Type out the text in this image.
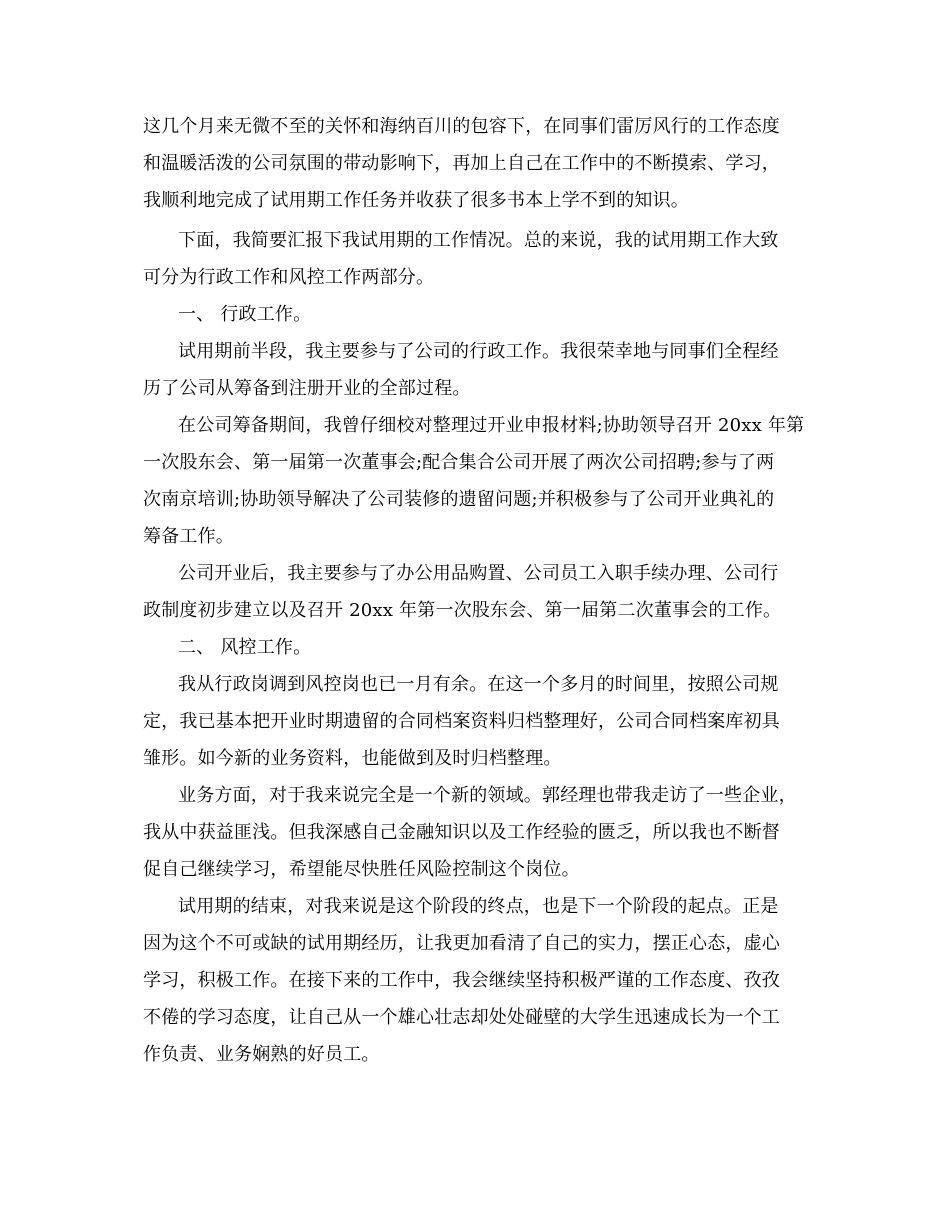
这几个月来无微不至的关怀和海纳百川的包容下，在同事们雷厉风行的工作态度
和温暖活泼的公司氛围的带动影响下，再加上自己在工作中的不断摸索、学习，
我顺利地完成了试用期工作任务并收获了很多书本上学不到的知识。
下面，我简要汇报下我试用期的工作情况。总的来说，我的试用期工作大致
可分为行政工作和风控工作两部分。
一、 行政工作。
试用期前半段，我主要参与了公司的行政工作。我很荣幸地与同事们全程经
历了公司从筹备到注册开业的全部过程。
在公司筹备期间，我曾仔细校对整理过开业申报材料;协助领导召开 20xx 年第
一次股东会、第一届第一次董事会;配合集合公司开展了两次公司招聘;参与了两
次南京培训;协助领导解决了公司装修的遗留问题;并积极参与了公司开业典礼的
筹备工作。
公司开业后，我主要参与了办公用品购置、公司员工入职手续办理、公司行
政制度初步建立以及召开 20xx 年第一次股东会、第一届第二次董事会的工作。
二、 风控工作。
我从行政岗调到风控岗也已一月有余。在这一个多月的时间里，按照公司规
定，我已基本把开业时期遗留的合同档案资料归档整理好，公司合同档案库初具
雏形。如今新的业务资料，也能做到及时归档整理。
业务方面，对于我来说完全是一个新的领域。郭经理也带我走访了一些企业，
我从中获益匪浅。但我深感自己金融知识以及工作经验的匮乏，所以我也不断督
促自己继续学习，希望能尽快胜任风险控制这个岗位。
试用期的结束，对我来说是这个阶段的终点，也是下一个阶段的起点。正是
因为这个不可或缺的试用期经历，让我更加看清了自己的实力，摆正心态，虚心
学习，积极工作。在接下来的工作中，我会继续坚持积极严谨的工作态度、孜孜
不倦的学习态度，让自己从一个雄心壮志却处处碰壁的大学生迅速成长为一个工
作负责、业务娴熟的好员工。
